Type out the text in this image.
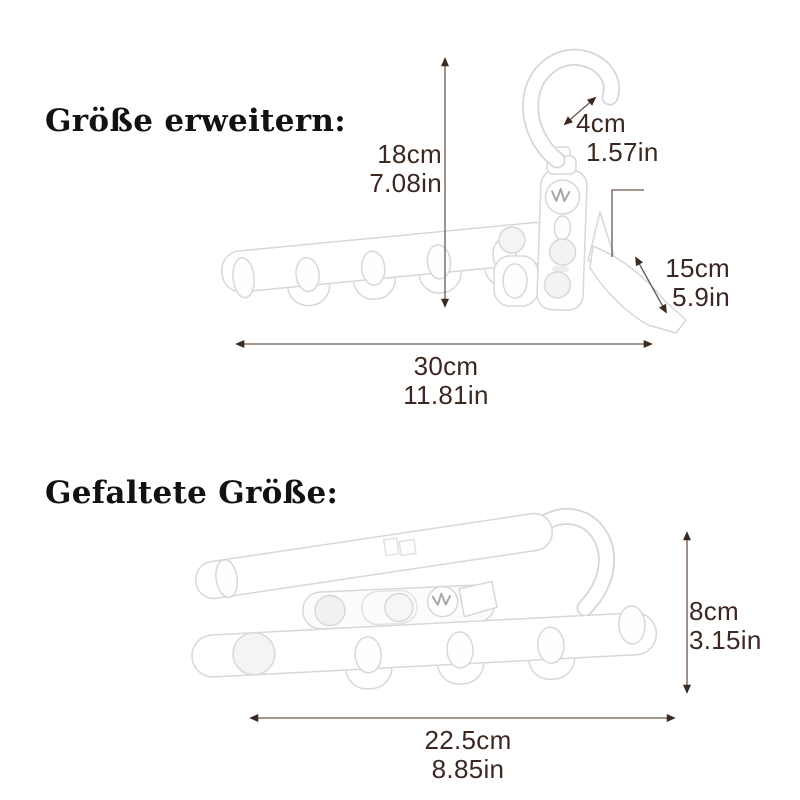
Größe erweitern:
Gefaltete Größe:
18cm
7.08in
4cm
1.57in
15cm
5.9in
30cm
11.81in
8cm
3.15in
22.5cm
8.85in
